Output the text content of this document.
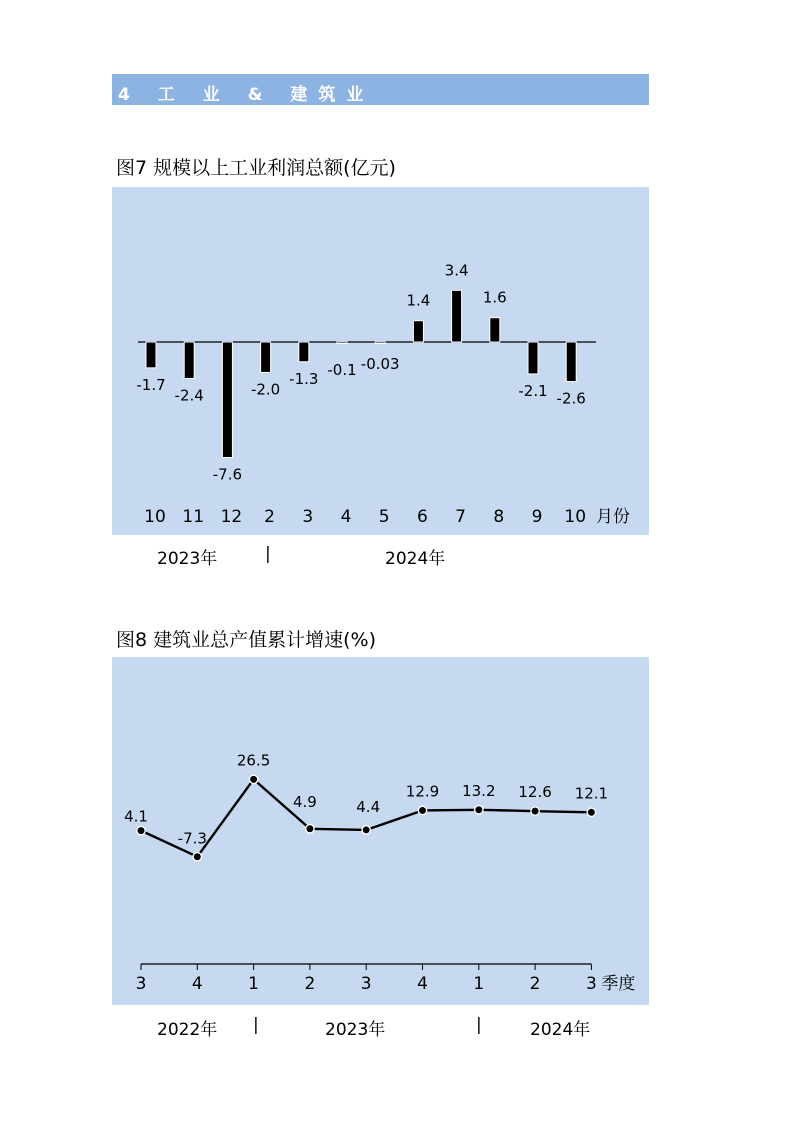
4 工 业 & 建筑业
图7 规模以上工业利润总额(亿元)
-1.7
10
-2.4
11
-7.6
12
-2.0
2
-1.3
3
-0.1
4
-0.03
5
1.4
6
3.4
7
1.6
8
-2.1
9
-2.6
10 月份
2023年	|	2024年
图8 建筑业总产值累计增速(%)
3	4	1	2	3	4	1	2	3 季度
4.1
-7.3
26.5
4.9	4.4
12.9 13.2 12.6 12.1
2022年 |	2023年	|	2024年
